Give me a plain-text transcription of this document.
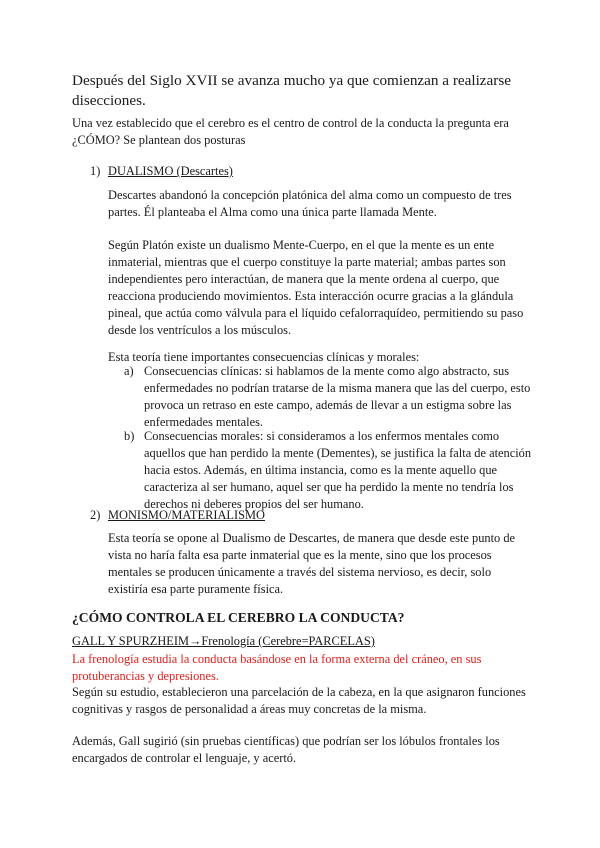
Después del Siglo XVII se avanza mucho ya que comienzan a realizarse disecciones.

Una vez establecido que el cerebro es el centro de control de la conducta la pregunta era ¿CÓMO? Se plantean dos posturas

1) DUALISMO (Descartes)

Descartes abandonó la concepción platónica del alma como un compuesto de tres partes. Él planteaba el Alma como una única parte llamada Mente.

Según Platón existe un dualismo Mente-Cuerpo, en el que la mente es un ente inmaterial, mientras que el cuerpo constituye la parte material; ambas partes son independientes pero interactúan, de manera que la mente ordena al cuerpo, que reacciona produciendo movimientos. Esta interacción ocurre gracias a la glándula pineal, que actúa como válvula para el líquido cefalorraquídeo, permitiendo su paso desde los ventrículos a los músculos.

Esta teoría tiene importantes consecuencias clínicas y morales:

a) Consecuencias clínicas: si hablamos de la mente como algo abstracto, sus enfermedades no podrían tratarse de la misma manera que las del cuerpo, esto provoca un retraso en este campo, además de llevar a un estigma sobre las enfermedades mentales.
b) Consecuencias morales: si consideramos a los enfermos mentales como aquellos que han perdido la mente (Dementes), se justifica la falta de atención hacia estos. Además, en última instancia, como es la mente aquello que caracteriza al ser humano, aquel ser que ha perdido la mente no tendría los derechos ni deberes propios del ser humano.
2) MONISMO/MATERIALISMO

Esta teoría se opone al Dualismo de Descartes, de manera que desde este punto de vista no haría falta esa parte inmaterial que es la mente, sino que los procesos mentales se producen únicamente a través del sistema nervioso, es decir, solo existiría esa parte puramente física.

¿CÓMO CONTROLA EL CEREBRO LA CONDUCTA?

GALL Y SPURZHEIM→Frenología (Cerebre=PARCELAS)

La frenología estudia la conducta basándose en la forma externa del cráneo, en sus protuberancias y depresiones.

Según su estudio, establecieron una parcelación de la cabeza, en la que asignaron funciones cognitivas y rasgos de personalidad a áreas muy concretas de la misma.

Además, Gall sugirió (sin pruebas científicas) que podrían ser los lóbulos frontales los encargados de controlar el lenguaje, y acertó.
